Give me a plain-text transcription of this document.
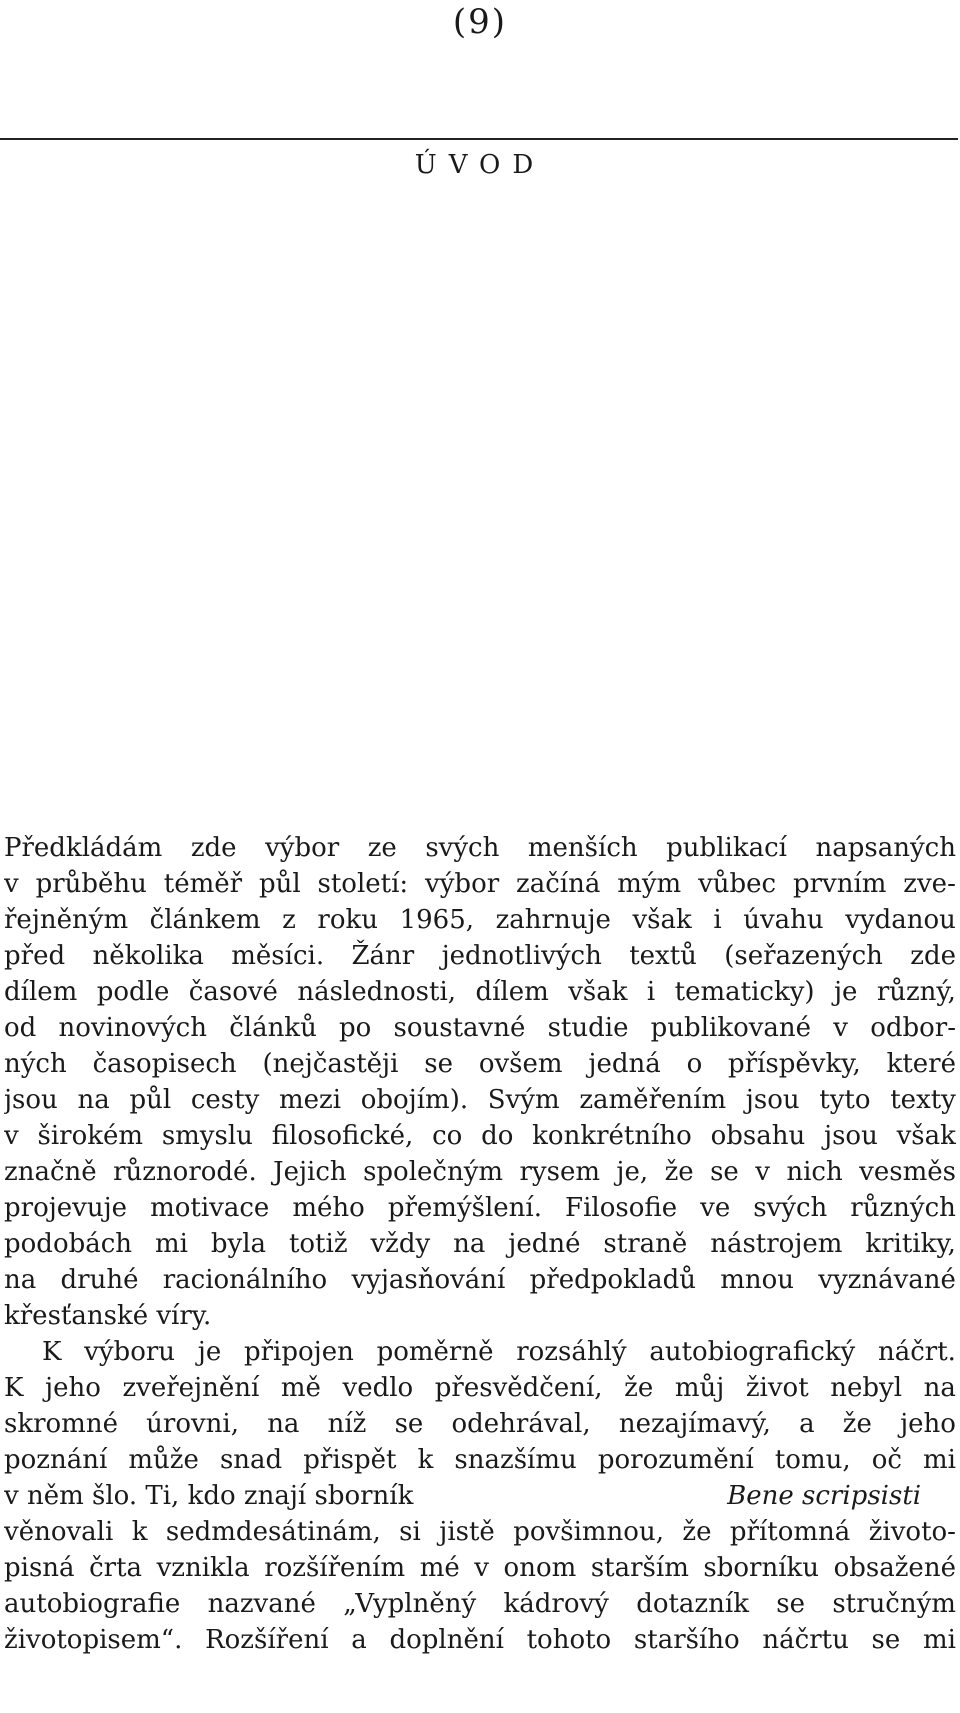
(9)
ÚVOD
Předkládám zde výbor ze svých menších publikací napsaných
v průběhu téměř půl století: výbor začíná mým vůbec prvním zve-
řejněným článkem z roku 1965, zahrnuje však i úvahu vydanou
před několika měsíci. Žánr jednotlivých textů (seřazených zde
dílem podle časové následnosti, dílem však i tematicky) je různý,
od novinových článků po soustavné studie publikované v odbor-
ných časopisech (nejčastěji se ovšem jedná o příspěvky, které
jsou na půl cesty mezi obojím). Svým zaměřením jsou tyto texty
v širokém smyslu filosofické, co do konkrétního obsahu jsou však
značně různorodé. Jejich společným rysem je, že se v nich vesměs
projevuje motivace mého přemýšlení. Filosofie ve svých různých
podobách mi byla totiž vždy na jedné straně nástrojem kritiky,
na druhé racionálního vyjasňování předpokladů mnou vyznávané
křesťanské víry.
K výboru je připojen poměrně rozsáhlý autobiografický náčrt.
K jeho zveřejnění mě vedlo přesvědčení, že můj život nebyl na
skromné úrovni, na níž se odehrával, nezajímavý, a že jeho
poznání může snad přispět k snazšímu porozumění tomu, oč mi
v něm šlo. Ti, kdo znají sborník	Bene scripsisti
věnovali k sedmdesátinám, si jistě povšimnou, že přítomná životo-
pisná črta vznikla rozšířením mé v onom starším sborníku obsažené
autobiografie nazvané „Vyplněný kádrový dotazník se stručným
životopisem“. Rozšíření a doplnění tohoto staršího náčrtu se mi
